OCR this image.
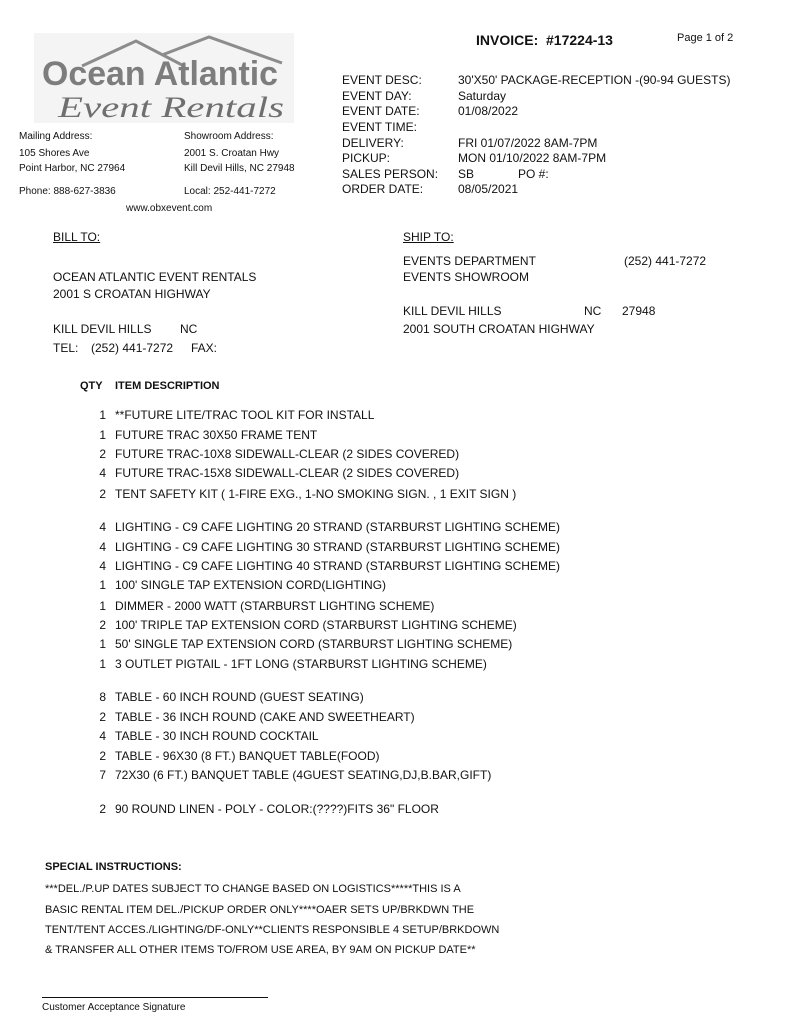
INVOICE: #17224-13	Page 1 of 2
Ocean Atlantic
Event Rentals
Mailing Address:
105 Shores Ave
Point Harbor, NC 27964
Showroom Address:
2001 S. Croatan Hwy
Kill Devil Hills, NC 27948
Phone: 888-627-3836	Local: 252-441-7272
www.obxevent.com
EVENT DESC:	30'X50' PACKAGE-RECEPTION -(90-94 GUESTS)
EVENT DAY:	Saturday
EVENT DATE:	01/08/2022
EVENT TIME:
DELIVERY:	FRI 01/07/2022 8AM-7PM
PICKUP:	MON 01/10/2022 8AM-7PM
SALES PERSON: SB	PO #:
ORDER DATE:	08/05/2021
BILL TO:
OCEAN ATLANTIC EVENT RENTALS
2001 S CROATAN HIGHWAY
KILL DEVIL HILLS NC
TEL: (252) 441-7272 FAX:
SHIP TO:
EVENTS DEPARTMENT	(252) 441-7272
EVENTS SHOWROOM
KILL DEVIL HILLS	NC 27948
2001 SOUTH CROATAN HIGHWAY
QTY ITEM DESCRIPTION
1 **FUTURE LITE/TRAC TOOL KIT FOR INSTALL
1 FUTURE TRAC 30X50 FRAME TENT
2 FUTURE TRAC-10X8 SIDEWALL-CLEAR (2 SIDES COVERED)
4 FUTURE TRAC-15X8 SIDEWALL-CLEAR (2 SIDES COVERED)
2 TENT SAFETY KIT ( 1-FIRE EXG., 1-NO SMOKING SIGN. , 1 EXIT SIGN )
4 LIGHTING - C9 CAFE LIGHTING 20 STRAND (STARBURST LIGHTING SCHEME)
4 LIGHTING - C9 CAFE LIGHTING 30 STRAND (STARBURST LIGHTING SCHEME)
4 LIGHTING - C9 CAFE LIGHTING 40 STRAND (STARBURST LIGHTING SCHEME)
1 100' SINGLE TAP EXTENSION CORD(LIGHTING)
1 DIMMER - 2000 WATT (STARBURST LIGHTING SCHEME)
2 100' TRIPLE TAP EXTENSION CORD (STARBURST LIGHTING SCHEME)
1 50' SINGLE TAP EXTENSION CORD (STARBURST LIGHTING SCHEME)
1 3 OUTLET PIGTAIL - 1FT LONG (STARBURST LIGHTING SCHEME)
8 TABLE - 60 INCH ROUND (GUEST SEATING)
2 TABLE - 36 INCH ROUND (CAKE AND SWEETHEART)
4 TABLE - 30 INCH ROUND COCKTAIL
2 TABLE - 96X30 (8 FT.) BANQUET TABLE(FOOD)
7 72X30 (6 FT.) BANQUET TABLE (4GUEST SEATING,DJ,B.BAR,GIFT)
2 90 ROUND LINEN - POLY - COLOR:(????)FITS 36" FLOOR
SPECIAL INSTRUCTIONS:
***DEL./P.UP DATES SUBJECT TO CHANGE BASED ON LOGISTICS*****THIS IS A
BASIC RENTAL ITEM DEL./PICKUP ORDER ONLY****OAER SETS UP/BRKDWN THE
TENT/TENT ACCES./LIGHTING/DF-ONLY**CLIENTS RESPONSIBLE 4 SETUP/BRKDOWN
& TRANSFER ALL OTHER ITEMS TO/FROM USE AREA, BY 9AM ON PICKUP DATE**
Customer Acceptance Signature
